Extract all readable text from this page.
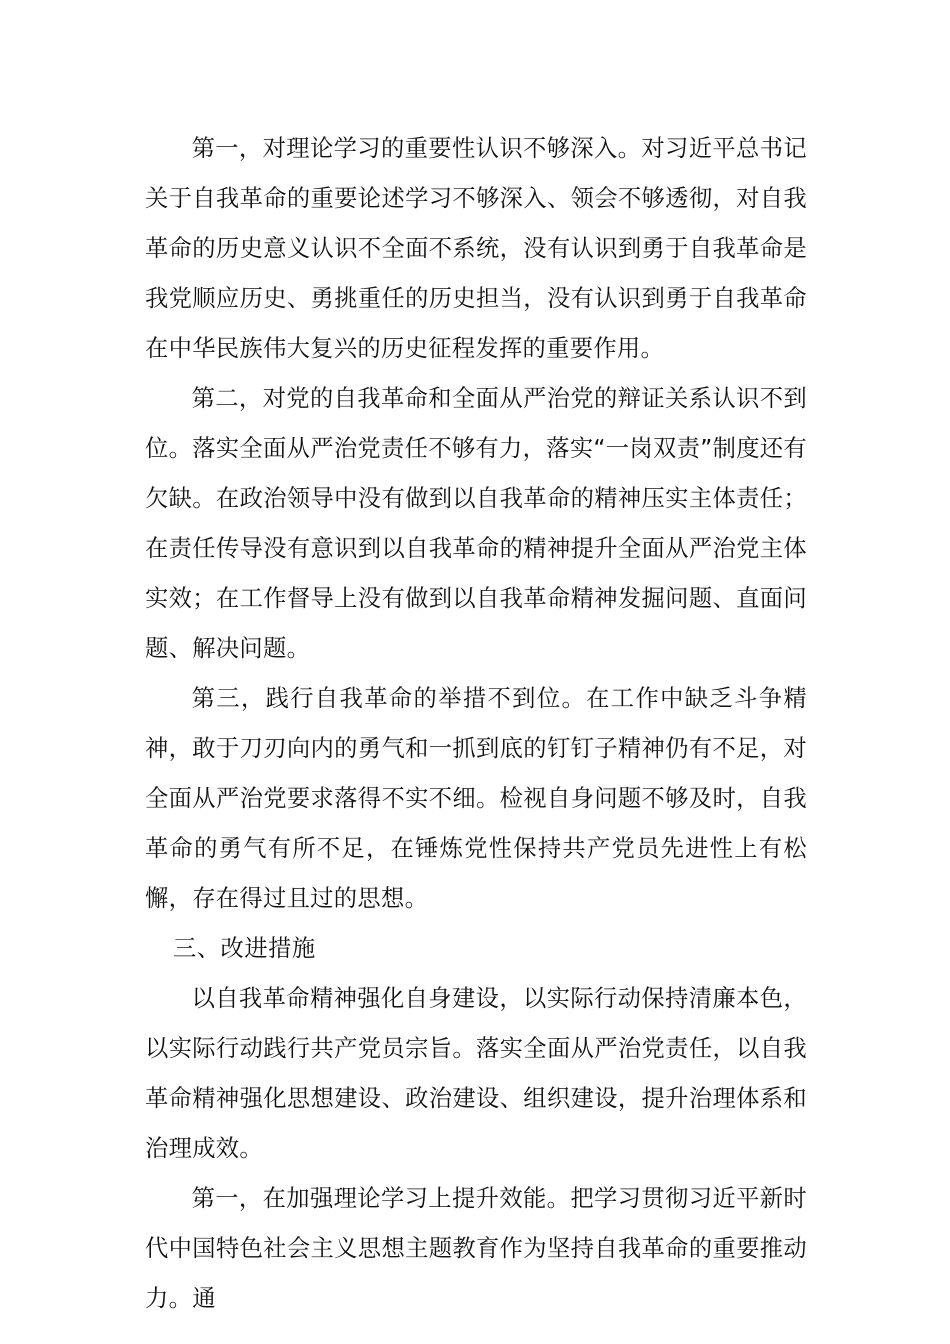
第一，对理论学习的重要性认识不够深入。对习近平总书记关于自我革命的重要论述学习不够深入、领会不够透彻，对自我革命的历史意义认识不全面不系统，没有认识到勇于自我革命是我党顺应历史、勇挑重任的历史担当，没有认识到勇于自我革命在中华民族伟大复兴的历史征程发挥的重要作用。

第二，对党的自我革命和全面从严治党的辩证关系认识不到位。落实全面从严治党责任不够有力，落实“一岗双责”制度还有欠缺。在政治领导中没有做到以自我革命的精神压实主体责任；在责任传导没有意识到以自我革命的精神提升全面从严治党主体实效；在工作督导上没有做到以自我革命精神发掘问题、直面问题、解决问题。

第三，践行自我革命的举措不到位。在工作中缺乏斗争精神，敢于刀刃向内的勇气和一抓到底的钉钉子精神仍有不足，对全面从严治党要求落得不实不细。检视自身问题不够及时，自我革命的勇气有所不足，在锤炼党性保持共产党员先进性上有松懈，存在得过且过的思想。

三、改进措施

以自我革命精神强化自身建设，以实际行动保持清廉本色，以实际行动践行共产党员宗旨。落实全面从严治党责任，以自我革命精神强化思想建设、政治建设、组织建设，提升治理体系和治理成效。

第一，在加强理论学习上提升效能。把学习贯彻习近平新时代中国特色社会主义思想主题教育作为坚持自我革命的重要推动力。通
